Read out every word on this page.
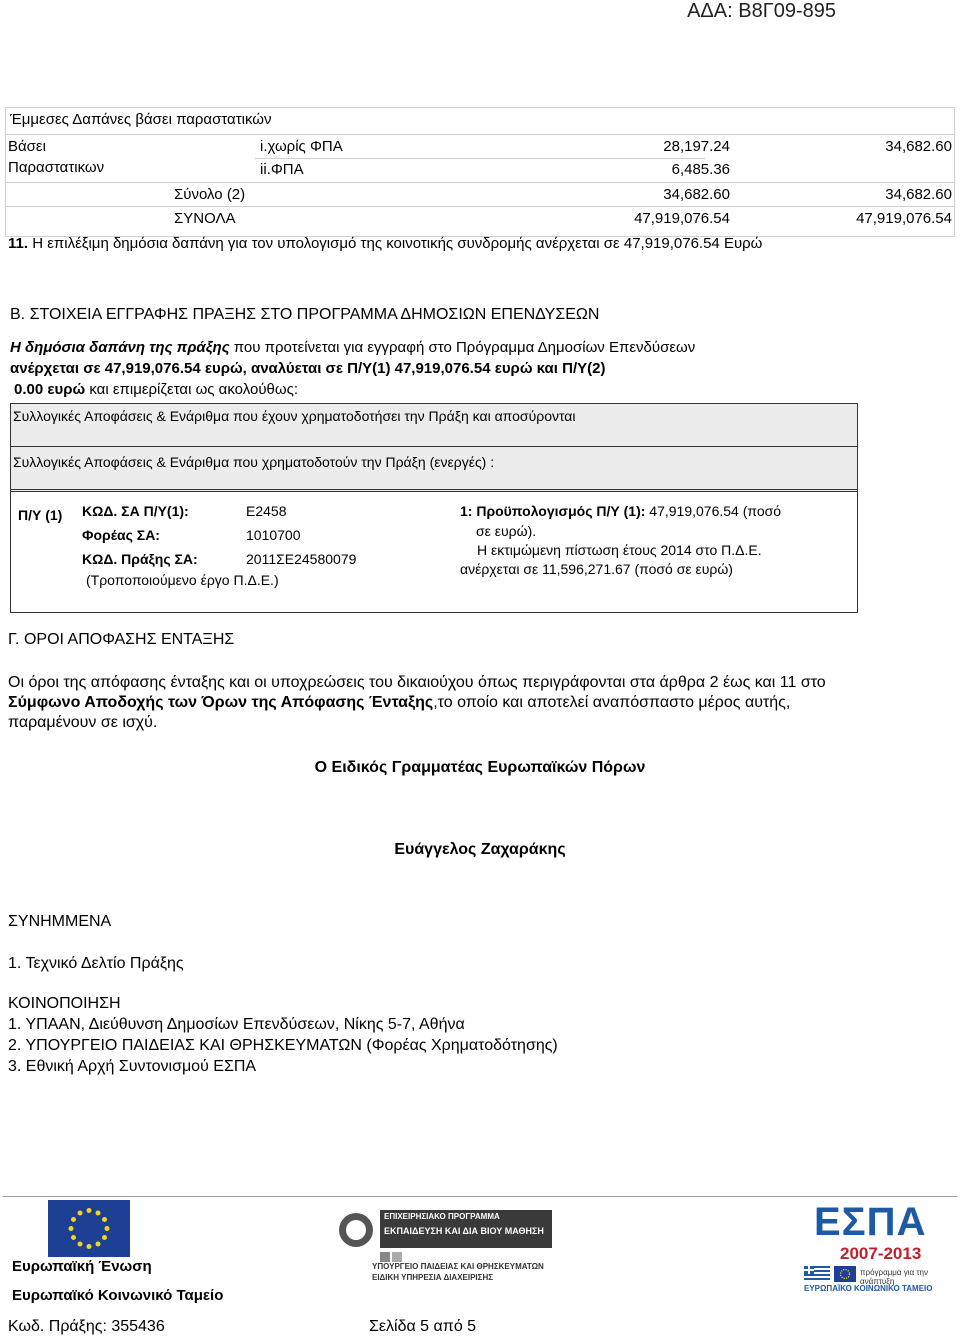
ΑΔΑ: Β8Γ09-895
Έμμεσες Δαπάνες βάσει παραστατικών
Βάσει
Παραστατικων
i.χωρίς ΦΠΑ	28,197.24	34,682.60
ii.ΦΠΑ	6,485.36
Σύνολο (2)	34,682.60	34,682.60
ΣΥΝΟΛΑ	47,919,076.54	47,919,076.54
11. Η επιλέξιμη δημόσια δαπάνη για τον υπολογισμό της κοινοτικής συνδρομής ανέρχεται σε 47,919,076.54 Ευρώ
Β. ΣΤΟΙΧΕΙΑ ΕΓΓΡΑΦΗΣ ΠΡΑΞΗΣ ΣΤΟ ΠΡΟΓΡΑΜΜΑ ΔΗΜΟΣΙΩΝ ΕΠΕΝΔΥΣΕΩΝ
Η δημόσια δαπάνη της πράξης που προτείνεται για εγγραφή στο Πρόγραμμα Δημοσίων Επενδύσεων
ανέρχεται σε 47,919,076.54 ευρώ, αναλύεται σε Π/Υ(1) 47,919,076.54 ευρώ και Π/Υ(2)
0.00 ευρώ και επιμερίζεται ως ακολούθως:
Συλλογικές Αποφάσεις & Ενάριθμα που έχουν χρηματοδοτήσει την Πράξη και αποσύρονται
Συλλογικές Αποφάσεις & Ενάριθμα που χρηματοδοτούν την Πράξη (ενεργές) :
Π/Υ (1) ΚΩΔ. ΣΑ Π/Υ(1):	Ε2458
Φορέας ΣΑ:	1010700
ΚΩΔ. Πράξης ΣΑ:	2011ΣΕ24580079
(Τροποποιούμενο έργο Π.Δ.Ε.)
1: Προϋπολογισμός Π/Υ (1): 47,919,076.54 (ποσό
σε ευρώ).
Η εκτιμώμενη πίστωση έτους 2014 στο Π.Δ.Ε.
ανέρχεται σε 11,596,271.67 (ποσό σε ευρώ)
Γ. ΟΡΟΙ ΑΠΟΦΑΣΗΣ ΕΝΤΑΞΗΣ
Οι όροι της απόφασης ένταξης και οι υποχρεώσεις του δικαιούχου όπως περιγράφονται στα άρθρα 2 έως και 11 στο
Σύμφωνο Αποδοχής των Όρων της Απόφασης Ένταξης,το οποίο και αποτελεί αναπόσπαστο μέρος αυτής,
παραμένουν σε ισχύ.
Ο Ειδικός Γραμματέας Ευρωπαϊκών Πόρων
Ευάγγελος Ζαχαράκης
ΣΥΝΗΜΜΕΝΑ
1. Τεχνικό Δελτίο Πράξης
ΚΟΙΝΟΠΟΙΗΣΗ
1. ΥΠΑΑΝ, Διεύθυνση Δημοσίων Επενδύσεων, Νίκης 5-7, Αθήνα
2. ΥΠΟΥΡΓΕΙΟ ΠΑΙΔΕΙΑΣ ΚΑΙ ΘΡΗΣΚΕΥΜΑΤΩΝ (Φορέας Χρηματοδότησης)
3. Εθνική Αρχή Συντονισμού ΕΣΠΑ
Ευρωπαϊκή Ένωση
Ευρωπαϊκό Κοινωνικό Ταμείο
ΕΠΙΧΕΙΡΗΣΙΑΚΟ ΠΡΟΓΡΑΜΜΑ
ΕΚΠΑΙΔΕΥΣΗ ΚΑΙ ΔΙΑ ΒΙΟΥ ΜΑΘΗΣΗ
ΥΠΟΥΡΓΕΙΟ ΠΑΙΔΕΙΑΣ ΚΑΙ ΘΡΗΣΚΕΥΜΑΤΩΝ
ΕΙΔΙΚΗ ΥΠΗΡΕΣΙΑ ΔΙΑΧΕΙΡΙΣΗΣ
ΕΣΠΑ
2007-2013
πρόγραμμα για την ανάπτυξη
ΕΥΡΩΠΑΪΚΟ ΚΟΙΝΩΝΙΚΟ ΤΑΜΕΙΟ
Κωδ. Πράξης: 355436	Σελίδα 5 από 5
